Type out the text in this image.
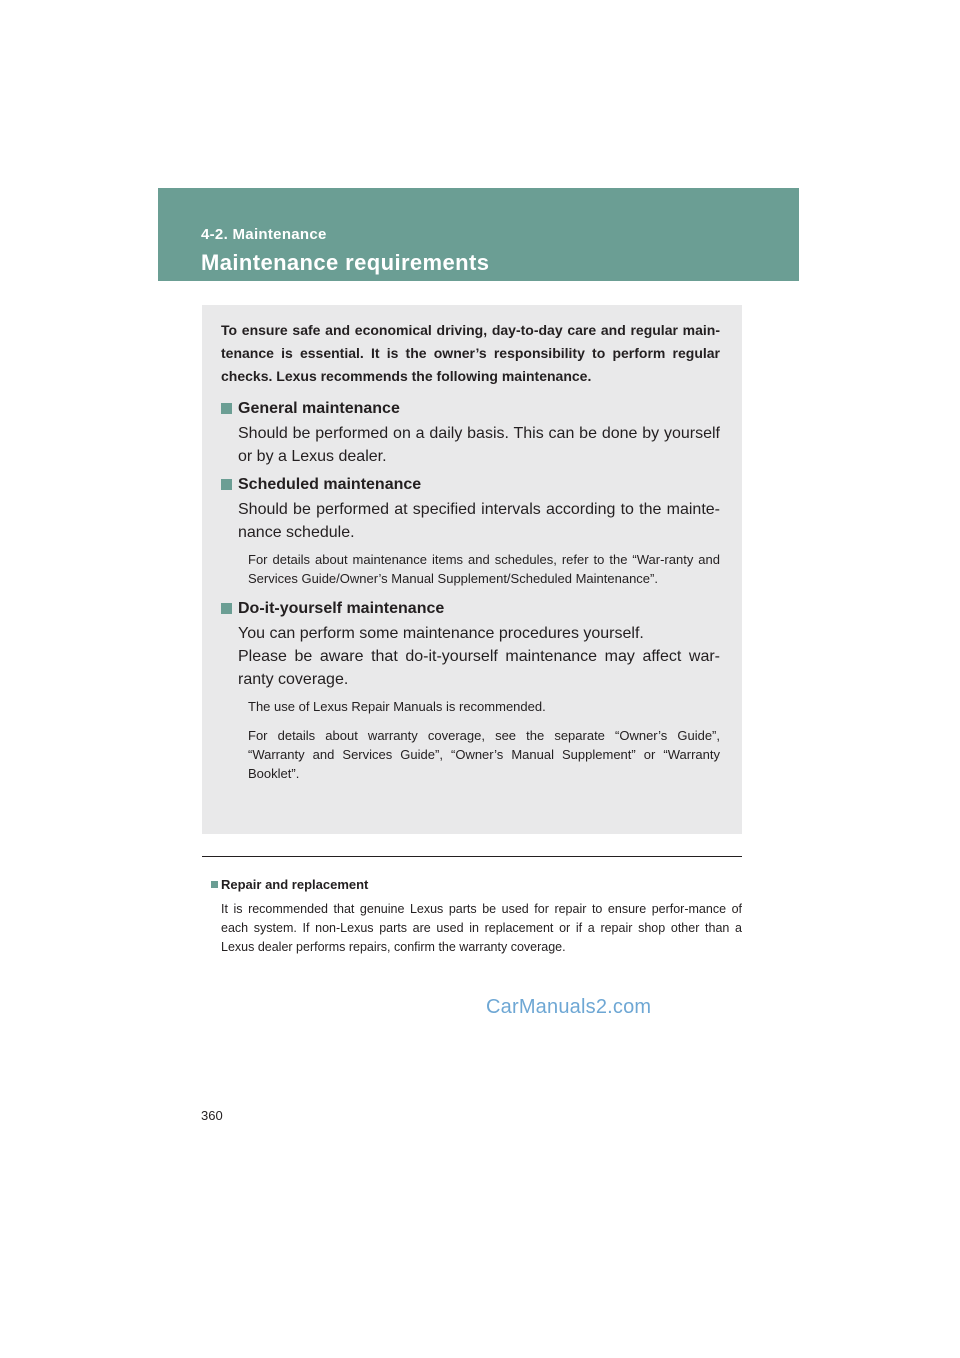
4-2. Maintenance
Maintenance requirements

To ensure safe and economical driving, day-to-day care and regular main-tenance is essential. It is the owner’s responsibility to perform regular checks. Lexus recommends the following maintenance.

General maintenance

Should be performed on a daily basis. This can be done by yourself or by a Lexus dealer.

Scheduled maintenance

Should be performed at specified intervals according to the mainte-nance schedule.

For details about maintenance items and schedules, refer to the “War-ranty and Services Guide/Owner’s Manual Supplement/Scheduled Maintenance”.

Do-it-yourself maintenance

You can perform some maintenance procedures yourself.

Please be aware that do-it-yourself maintenance may affect war-ranty coverage.

The use of Lexus Repair Manuals is recommended.

For details about warranty coverage, see the separate “Owner’s Guide”, “Warranty and Services Guide”, “Owner’s Manual Supplement” or “Warranty Booklet”.

Repair and replacement

It is recommended that genuine Lexus parts be used for repair to ensure perfor-mance of each system. If non-Lexus parts are used in replacement or if a repair shop other than a Lexus dealer performs repairs, confirm the warranty coverage.

CarManuals2.com
360
